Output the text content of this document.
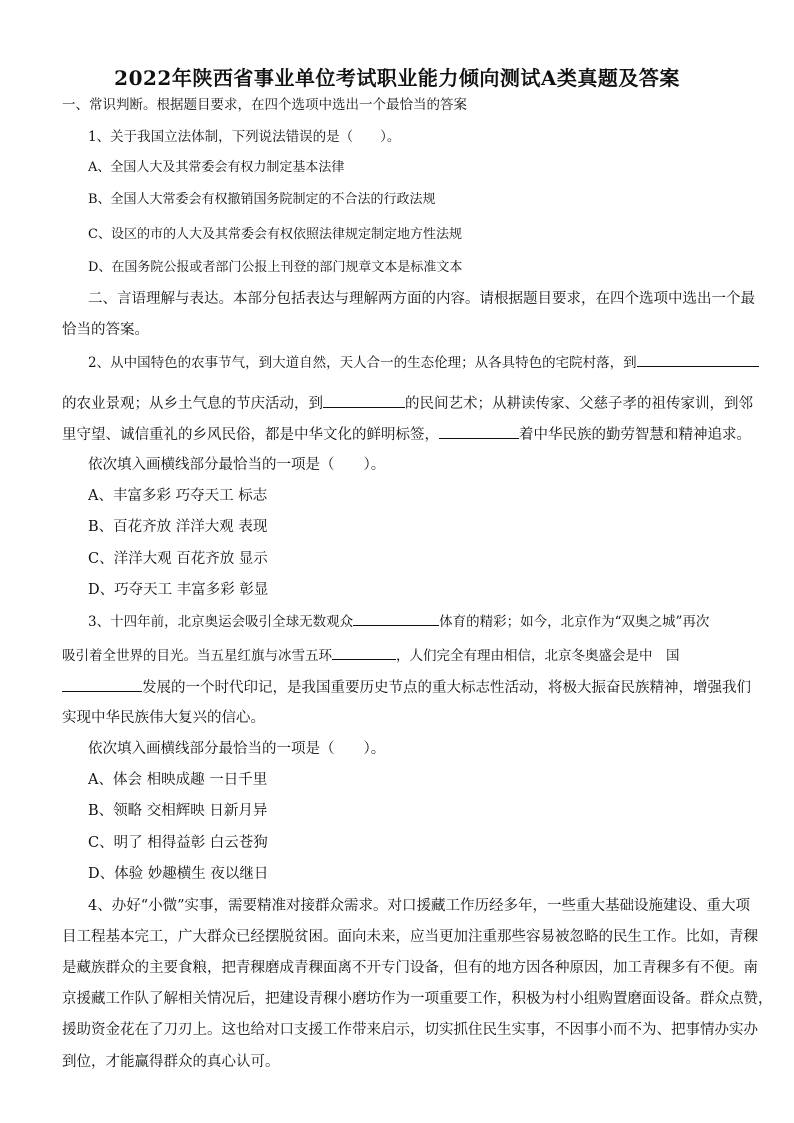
2022年陕西省事业单位考试职业能力倾向测试A类真题及答案
一、常识判断。根据题目要求，在四个选项中选出一个最恰当的答案
1、关于我国立法体制，下列说法错误的是（　　）。
A、全国人大及其常委会有权力制定基本法律
B、全国人大常委会有权撤销国务院制定的不合法的行政法规
C、设区的市的人大及其常委会有权依照法律规定制定地方性法规
D、在国务院公报或者部门公报上刊登的部门规章文本是标准文本
二、言语理解与表达。本部分包括表达与理解两方面的内容。请根据题目要求，在四个选项中选出一个最
恰当的答案。
2、从中国特色的农事节气，到大道自然，天人合一的生态伦理；从各具特色的宅院村落，到
的农业景观；从乡土气息的节庆活动，到	的民间艺术；从耕读传家、父慈子孝的祖传家训，到邻
里守望、诚信重礼的乡风民俗，都是中华文化的鲜明标签，	着中华民族的勤劳智慧和精神追求。
依次填入画横线部分最恰当的一项是（　　）。
A、丰富多彩 巧夺天工 标志
B、百花齐放 洋洋大观 表现
C、洋洋大观 百花齐放 显示
D、巧夺天工 丰富多彩 彰显
3、十四年前，北京奥运会吸引全球无数观众	体育的精彩；如今，北京作为“双奥之城”再次
吸引着全世界的目光。当五星红旗与冰雪五环	，人们完全有理由相信，北京冬奥盛会是中　国
发展的一个时代印记，是我国重要历史节点的重大标志性活动，将极大振奋民族精神，增强我们
实现中华民族伟大复兴的信心。
依次填入画横线部分最恰当的一项是（　　）。
A、体会 相映成趣 一日千里
B、领略 交相辉映 日新月异
C、明了 相得益彰 白云苍狗
D、体验 妙趣横生 夜以继日
4、办好“小微”实事，需要精准对接群众需求。对口援藏工作历经多年，一些重大基础设施建设、重大项
目工程基本完工，广大群众已经摆脱贫困。面向未来，应当更加注重那些容易被忽略的民生工作。比如，青稞
是藏族群众的主要食粮，把青稞磨成青稞面离不开专门设备，但有的地方因各种原因，加工青稞多有不便。南
京援藏工作队了解相关情况后，把建设青稞小磨坊作为一项重要工作，积极为村小组购置磨面设备。群众点赞，
援助资金花在了刀刃上。这也给对口支援工作带来启示，切实抓住民生实事，不因事小而不为、把事情办实办
到位，才能赢得群众的真心认可。
